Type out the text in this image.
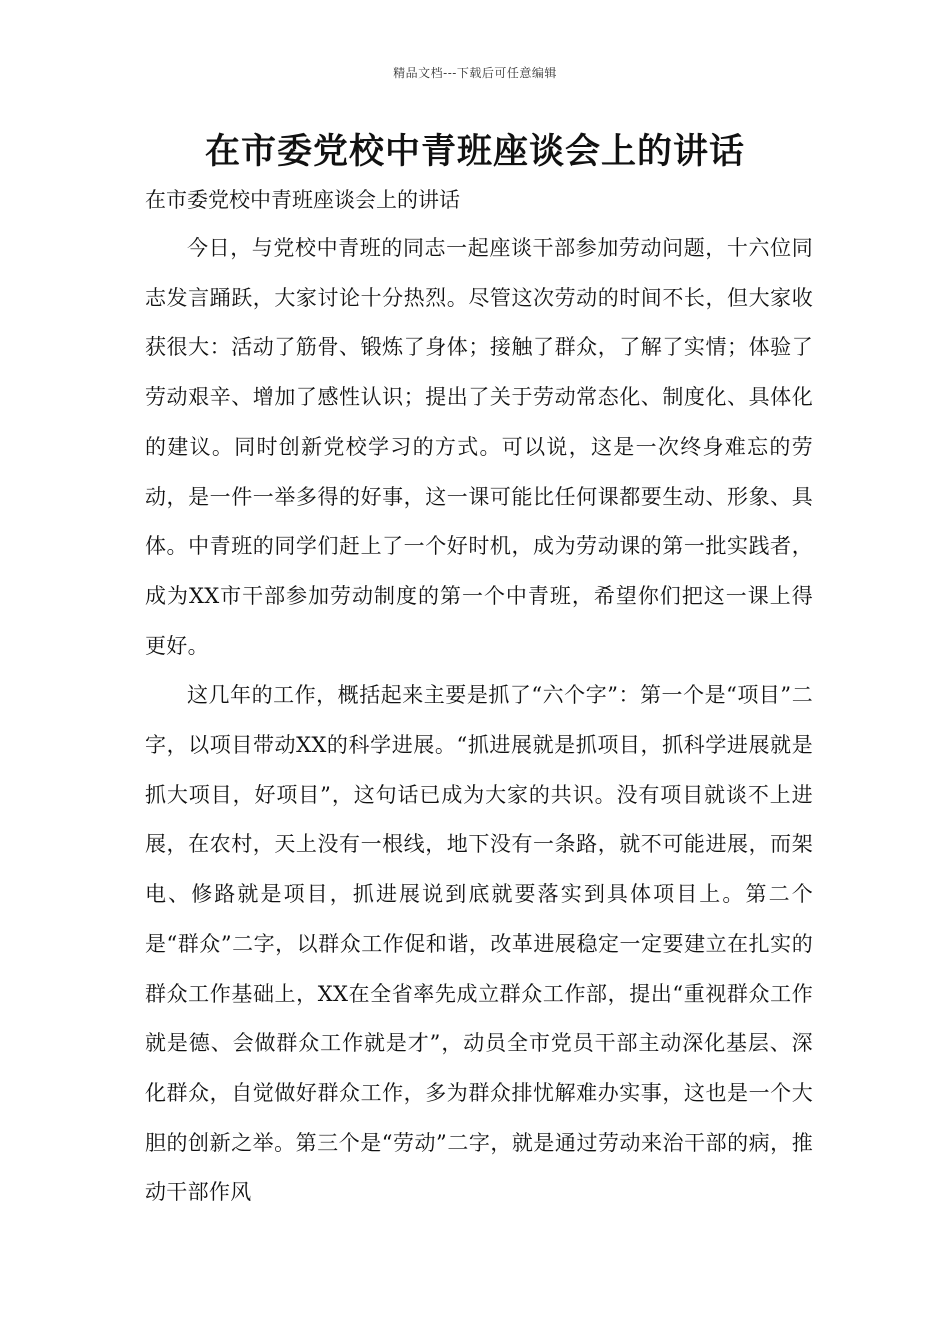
精品文档---下载后可任意编辑
在市委党校中青班座谈会上的讲话

在市委党校中青班座谈会上的讲话

今日，与党校中青班的同志一起座谈干部参加劳动问题，十六位同志发言踊跃，大家讨论十分热烈。尽管这次劳动的时间不长，但大家收获很大：活动了筋骨、锻炼了身体；接触了群众，了解了实情；体验了劳动艰辛、增加了感性认识；提出了关于劳动常态化、制度化、具体化的建议。同时创新党校学习的方式。可以说，这是一次终身难忘的劳动，是一件一举多得的好事，这一课可能比任何课都要生动、形象、具体。中青班的同学们赶上了一个好时机，成为劳动课的第一批实践者，成为XX市干部参加劳动制度的第一个中青班，希望你们把这一课上得更好。

这几年的工作，概括起来主要是抓了“六个字”：第一个是“项目”二字，以项目带动XX的科学进展。“抓进展就是抓项目，抓科学进展就是抓大项目，好项目”，这句话已成为大家的共识。没有项目就谈不上进展，在农村，天上没有一根线，地下没有一条路，就不可能进展，而架电、修路就是项目，抓进展说到底就要落实到具体项目上。第二个是“群众”二字，以群众工作促和谐，改革进展稳定一定要建立在扎实的群众工作基础上，XX在全省率先成立群众工作部，提出“重视群众工作就是德、会做群众工作就是才”，动员全市党员干部主动深化基层、深化群众，自觉做好群众工作，多为群众排忧解难办实事，这也是一个大胆的创新之举。第三个是“劳动”二字，就是通过劳动来治干部的病，推动干部作风
